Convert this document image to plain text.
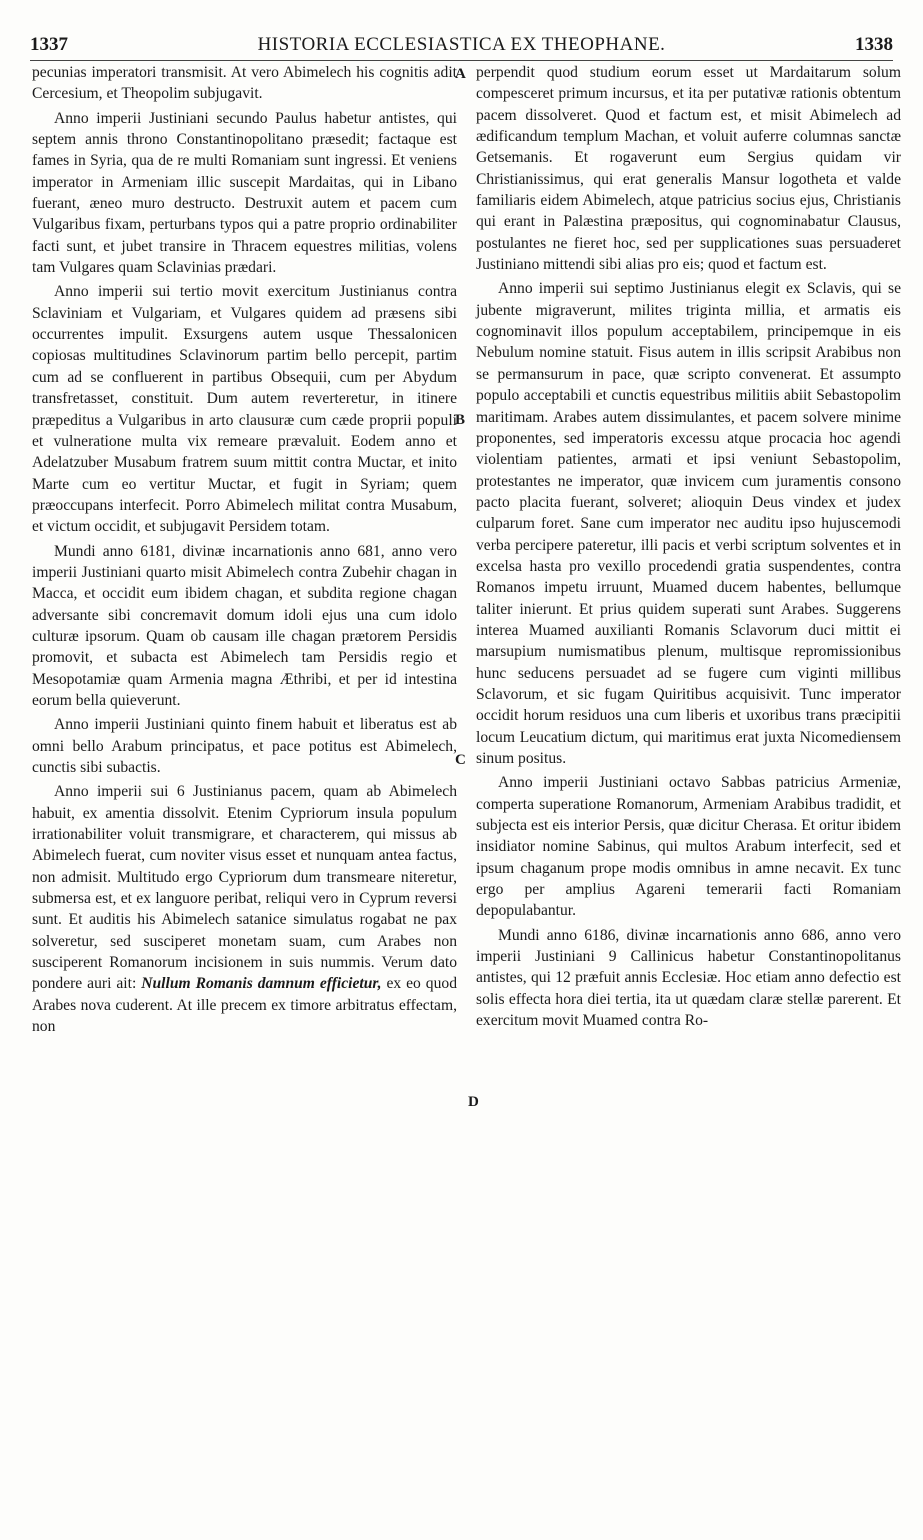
1337	HISTORIA ECCLESIASTICA EX THEOPHANE.	1338
A
B
C
D

pecunias imperatori transmisit. At vero Abimelech his cognitis adit Cercesium, et Theopolim subjugavit.

Anno imperii Justiniani secundo Paulus habetur antistes, qui septem annis throno Constantinopolitano præsedit; factaque est fames in Syria, qua de re multi Romaniam sunt ingressi. Et veniens imperator in Armeniam illic suscepit Mardaitas, qui in Libano fuerant, æneo muro destructo. Destruxit autem et pacem cum Vulgaribus fixam, perturbans typos qui a patre proprio ordinabiliter facti sunt, et jubet transire in Thracem equestres militias, volens tam Vulgares quam Sclavinias prædari.

Anno imperii sui tertio movit exercitum Justinianus contra Sclaviniam et Vulgariam, et Vulgares quidem ad præsens sibi occurrentes impulit. Exsurgens autem usque Thessalonicen copiosas multitudines Sclavinorum partim bello percepit, partim cum ad se confluerent in partibus Obsequii, cum per Abydum transfretasset, constituit. Dum autem reverteretur, in itinere præpeditus a Vulgaribus in arto clausuræ cum cæde proprii populi et vulneratione multa vix remeare prævaluit. Eodem anno et Adelatzuber Musabum fratrem suum mittit contra Muctar, et inito Marte cum eo vertitur Muctar, et fugit in Syriam; quem præoccupans interfecit. Porro Abimelech militat contra Musabum, et victum occidit, et subjugavit Persidem totam.

Mundi anno 6181, divinæ incarnationis anno 681, anno vero imperii Justiniani quarto misit Abimelech contra Zubehir chagan in Macca, et occidit eum ibidem chagan, et subdita regione chagan adversante sibi concremavit domum idoli ejus una cum idolo culturæ ipsorum. Quam ob causam ille chagan prætorem Persidis promovit, et subacta est Abimelech tam Persidis regio et Mesopotamiæ quam Armenia magna Æthribi, et per id intestina eorum bella quieverunt.

Anno imperii Justiniani quinto finem habuit et liberatus est ab omni bello Arabum principatus, et pace potitus est Abimelech, cunctis sibi subactis.

Anno imperii sui 6 Justinianus pacem, quam ab Abimelech habuit, ex amentia dissolvit. Etenim Cypriorum insula populum irrationabiliter voluit transmigrare, et characterem, qui missus ab Abimelech fuerat, cum noviter visus esset et nunquam antea factus, non admisit. Multitudo ergo Cypriorum dum transmeare niteretur, submersa est, et ex languore peribat, reliqui vero in Cyprum reversi sunt. Et auditis his Abimelech satanice simulatus rogabat ne pax solveretur, sed susciperet monetam suam, cum Arabes non susciperent Romanorum incisionem in suis nummis. Verum dato pondere auri ait: Nullum Romanis damnum efficietur, ex eo quod Arabes nova cuderent. At ille precem ex timore arbitratus effectam, non

perpendit quod studium eorum esset ut Mardaitarum solum compesceret primum incursus, et ita per putativæ rationis obtentum pacem dissolveret. Quod et factum est, et misit Abimelech ad ædificandum templum Machan, et voluit auferre columnas sanctæ Getsemanis. Et rogaverunt eum Sergius quidam vir Christianissimus, qui erat generalis Mansur logotheta et valde familiaris eidem Abimelech, atque patricius socius ejus, Christianis qui erant in Palæstina præpositus, qui cognominabatur Clausus, postulantes ne fieret hoc, sed per supplicationes suas persuaderet Justiniano mittendi sibi alias pro eis; quod et factum est.

Anno imperii sui septimo Justinianus elegit ex Sclavis, qui se jubente migraverunt, milites triginta millia, et armatis eis cognominavit illos populum acceptabilem, principemque in eis Nebulum nomine statuit. Fisus autem in illis scripsit Arabibus non se permansurum in pace, quæ scripto convenerat. Et assumpto populo acceptabili et cunctis equestribus militiis abiit Sebastopolim maritimam. Arabes autem dissimulantes, et pacem solvere minime proponentes, sed imperatoris excessu atque procacia hoc agendi violentiam patientes, armati et ipsi veniunt Sebastopolim, protestantes ne imperator, quæ invicem cum juramentis consono pacto placita fuerant, solveret; alioquin Deus vindex et judex culparum foret. Sane cum imperator nec auditu ipso hujuscemodi verba percipere pateretur, illi pacis et verbi scriptum solventes et in excelsa hasta pro vexillo procedendi gratia suspendentes, contra Romanos impetu irruunt, Muamed ducem habentes, bellumque taliter inierunt. Et prius quidem superati sunt Arabes. Suggerens interea Muamed auxilianti Romanis Sclavorum duci mittit ei marsupium numismatibus plenum, multisque repromissionibus hunc seducens persuadet ad se fugere cum viginti millibus Sclavorum, et sic fugam Quiritibus acquisivit. Tunc imperator occidit horum residuos una cum liberis et uxoribus trans præcipitii locum Leucatium dictum, qui maritimus erat juxta Nicomediensem sinum positus.

Anno imperii Justiniani octavo Sabbas patricius Armeniæ, comperta superatione Romanorum, Armeniam Arabibus tradidit, et subjecta est eis interior Persis, quæ dicitur Cherasa. Et oritur ibidem insidiator nomine Sabinus, qui multos Arabum interfecit, sed et ipsum chaganum prope modis omnibus in amne necavit. Ex tunc ergo per amplius Agareni temerarii facti Romaniam depopulabantur.

Mundi anno 6186, divinæ incarnationis anno 686, anno vero imperii Justiniani 9 Callinicus habetur Constantinopolitanus antistes, qui 12 præfuit annis Ecclesiæ. Hoc etiam anno defectio est solis effecta hora diei tertia, ita ut quædam claræ stellæ parerent. Et exercitum movit Muamed contra Ro-
